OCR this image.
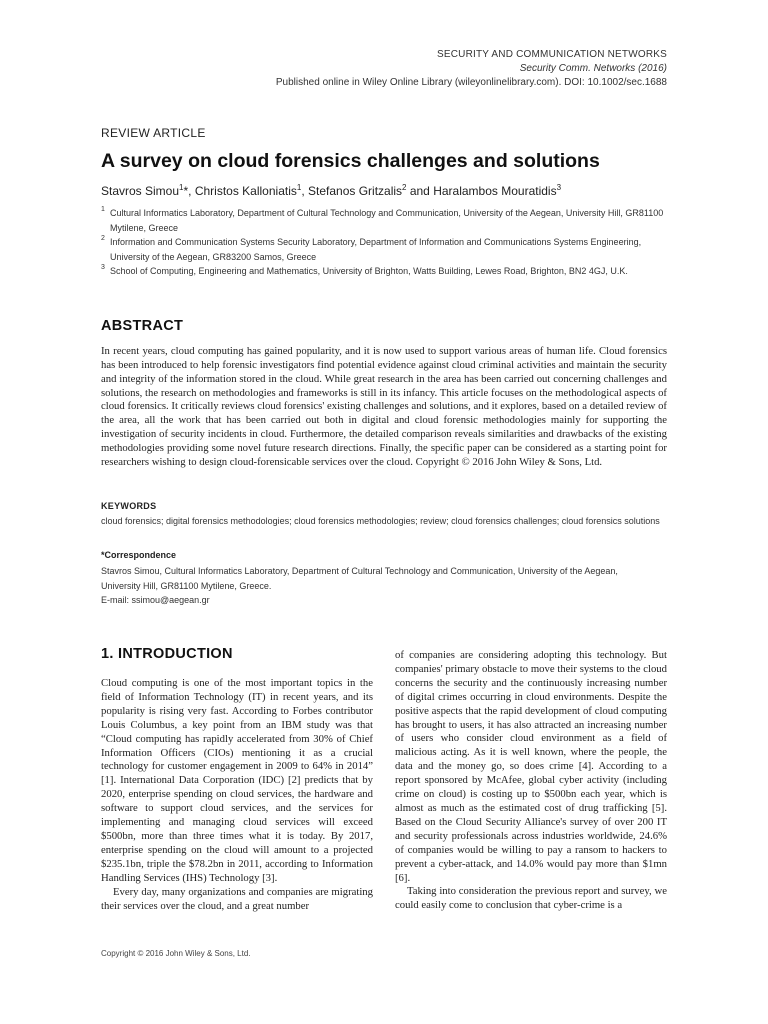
SECURITY AND COMMUNICATION NETWORKS
Security Comm. Networks (2016)
Published online in Wiley Online Library (wileyonlinelibrary.com). DOI: 10.1002/sec.1688
REVIEW ARTICLE
A survey on cloud forensics challenges and solutions
Stavros Simou$^1$*, Christos Kalloniatis$^1$, Stefanos Gritzalis$^2$ and Haralambos Mouratidis$^3$
1 Cultural Informatics Laboratory, Department of Cultural Technology and Communication, University of the Aegean, University Hill, GR81100 Mytilene, Greece
2 Information and Communication Systems Security Laboratory, Department of Information and Communications Systems Engineering, University of the Aegean, GR83200 Samos, Greece
3 School of Computing, Engineering and Mathematics, University of Brighton, Watts Building, Lewes Road, Brighton, BN2 4GJ, U.K.
ABSTRACT

In recent years, cloud computing has gained popularity, and it is now used to support various areas of human life. Cloud forensics has been introduced to help forensic investigators find potential evidence against cloud criminal activities and maintain the security and integrity of the information stored in the cloud. While great research in the area has been carried out concerning challenges and solutions, the research on methodologies and frameworks is still in its infancy. This article focuses on the methodological aspects of cloud forensics. It critically reviews cloud forensics' existing challenges and solutions, and it explores, based on a detailed review of the area, all the work that has been carried out both in digital and cloud forensic methodologies mainly for supporting the investigation of security incidents in cloud. Furthermore, the detailed comparison reveals similarities and drawbacks of the existing methodologies providing some novel future research directions. Finally, the specific paper can be considered as a starting point for researchers wishing to design cloud-forensicable services over the cloud. Copyright © 2016 John Wiley & Sons, Ltd.

KEYWORDS
cloud forensics; digital forensics methodologies; cloud forensics methodologies; review; cloud forensics challenges; cloud forensics solutions
*Correspondence
Stavros Simou, Cultural Informatics Laboratory, Department of Cultural Technology and Communication, University of the Aegean,
University Hill, GR81100 Mytilene, Greece.
E-mail: ssimou@aegean.gr
1. INTRODUCTION

Cloud computing is one of the most important topics in the field of Information Technology (IT) in recent years, and its popularity is rising very fast. According to Forbes contributor Louis Columbus, a key point from an IBM study was that “Cloud computing has rapidly accelerated from 30% of Chief Information Officers (CIOs) mentioning it as a crucial technology for customer engagement in 2009 to 64% in 2014” [1]. International Data Corporation (IDC) [2] predicts that by 2020, enterprise spending on cloud services, the hardware and software to support cloud services, and the services for implementing and managing cloud services will exceed $500bn, more than three times what it is today. By 2017, enterprise spending on the cloud will amount to a projected $235.1bn, triple the $78.2bn in 2011, according to Information Handling Services (IHS) Technology [3].

Every day, many organizations and companies are migrating their services over the cloud, and a great number

of companies are considering adopting this technology. But companies' primary obstacle to move their systems to the cloud concerns the security and the continuously increasing number of digital crimes occurring in cloud environments. Despite the positive aspects that the rapid development of cloud computing has brought to users, it has also attracted an increasing number of users who consider cloud environment as a field of malicious acting. As it is well known, where the people, the data and the money go, so does crime [4]. According to a report sponsored by McAfee, global cyber activity (including crime on cloud) is costing up to $500bn each year, which is almost as much as the estimated cost of drug trafficking [5]. Based on the Cloud Security Alliance's survey of over 200 IT and security professionals across industries worldwide, 24.6% of companies would be willing to pay a ransom to hackers to prevent a cyber-attack, and 14.0% would pay more than $1mn [6].

Taking into consideration the previous report and survey, we could easily come to conclusion that cyber-crime is a

Copyright © 2016 John Wiley & Sons, Ltd.
